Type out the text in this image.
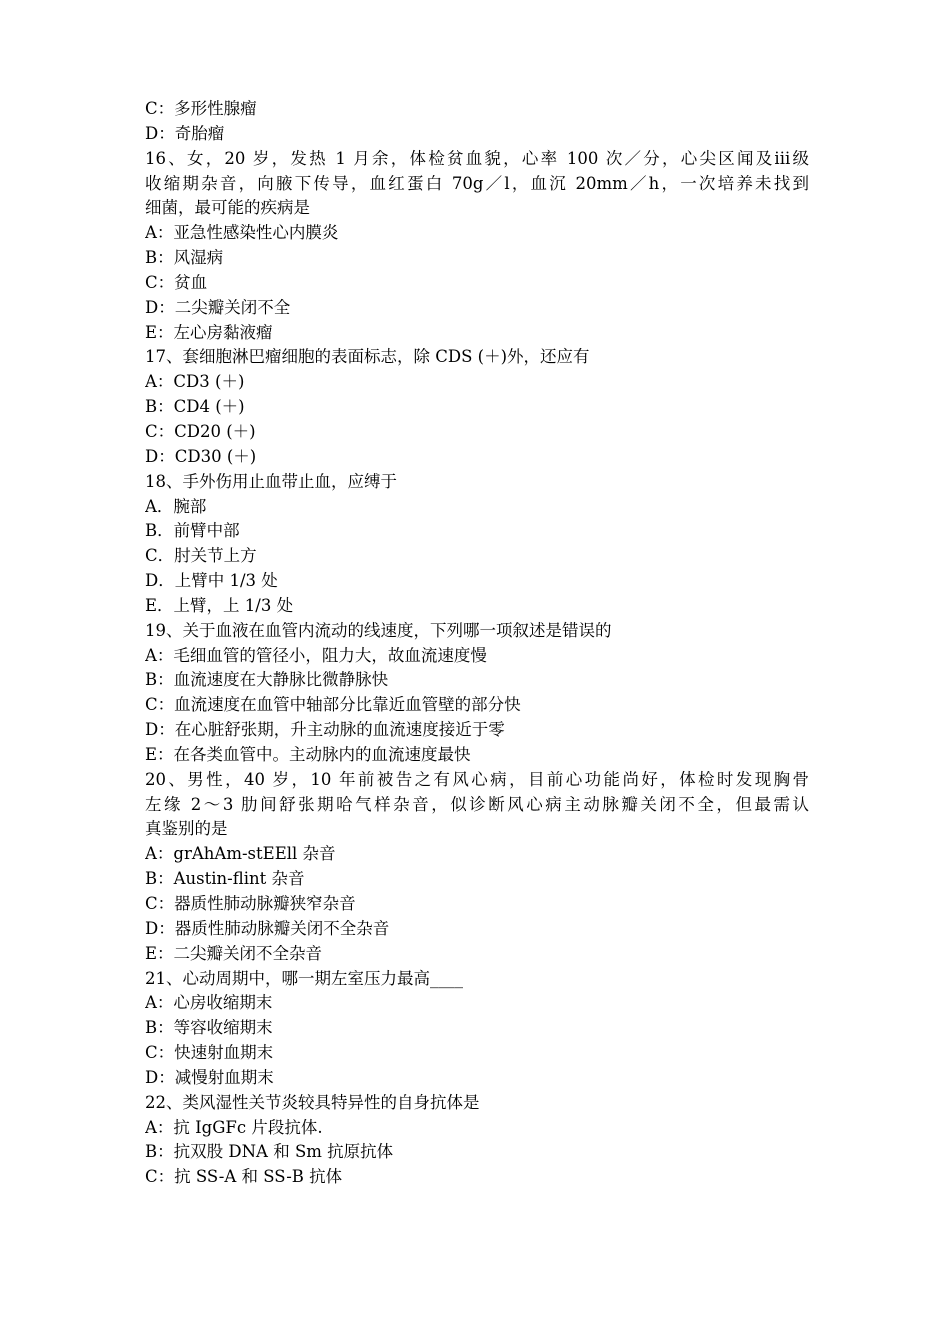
C：多形性腺瘤
D：奇胎瘤
16、女，20 岁，发热 1 月余，体检贫血貌，心率 100 次／分，心尖区闻及iii级
收缩期杂音，向腋下传导，血红蛋白 70g／l，血沉 20mm／h，一次培养未找到
细菌，最可能的疾病是
A：亚急性感染性心内膜炎
B：风湿病
C：贫血
D：二尖瓣关闭不全
E：左心房黏液瘤
17、套细胞淋巴瘤细胞的表面标志，除 CDS (＋)外，还应有
A：CD3 (＋)
B：CD4 (＋)
C：CD20 (＋)
D：CD30 (＋)
18、手外伤用止血带止血，应缚于
A．腕部
B．前臂中部
C．肘关节上方
D．上臂中 1/3 处
E．上臂，上 1/3 处
19、关于血液在血管内流动的线速度，下列哪一项叙述是错误的
A：毛细血管的管径小，阻力大，故血流速度慢
B：血流速度在大静脉比微静脉快
C：血流速度在血管中轴部分比靠近血管壁的部分快
D：在心脏舒张期，升主动脉的血流速度接近于零
E：在各类血管中。主动脉内的血流速度最快
20、男性，40 岁，10 年前被告之有风心病，目前心功能尚好，体检时发现胸骨
左缘 2～3 肋间舒张期哈气样杂音，似诊断风心病主动脉瓣关闭不全，但最需认
真鉴别的是
A：grAhAm-stEEll 杂音
B：Austin-flint 杂音
C：器质性肺动脉瓣狭窄杂音
D：器质性肺动脉瓣关闭不全杂音
E：二尖瓣关闭不全杂音
21、心动周期中，哪一期左室压力最高____
A：心房收缩期末
B：等容收缩期末
C：快速射血期末
D：减慢射血期末
22、类风湿性关节炎较具特异性的自身抗体是
A：抗 IgGFc 片段抗体.
B：抗双股 DNA 和 Sm 抗原抗体
C：抗 SS-A 和 SS-B 抗体
